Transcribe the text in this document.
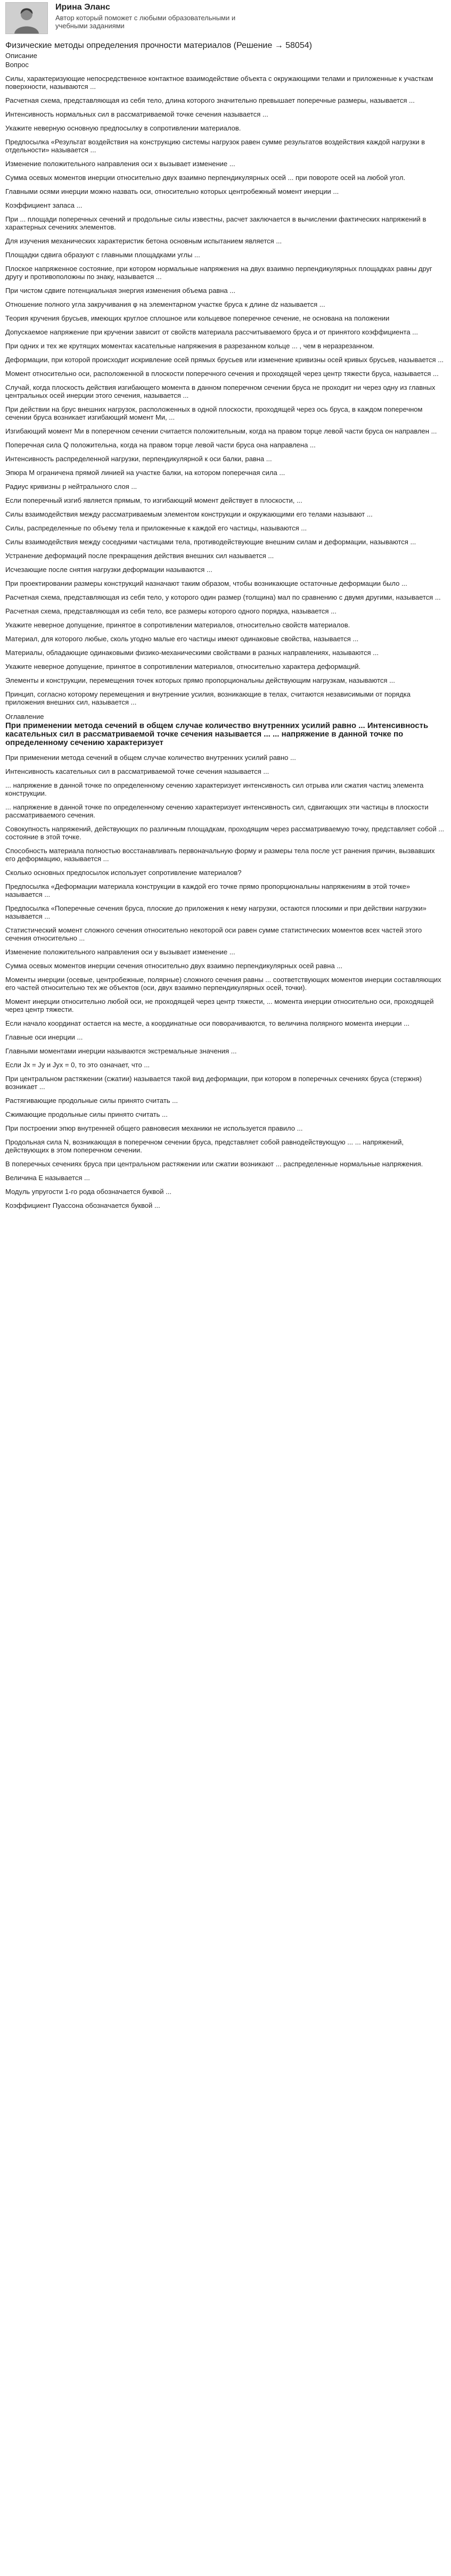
Ирина Эланс
Автор который поможет с любыми образовательными и учебными заданиями
Физические методы определения прочности материалов (Решение → 58054)
Описание
Вопрос

Силы, характеризующие непосредственное контактное взаимодействие объекта с окружающими телами и приложенные к участкам поверхности, называются ...

Расчетная схема, представляющая из себя тело, длина которого значительно превышает поперечные размеры, называется ...

Интенсивность нормальных сил в рассматриваемой точке сечения называется ...

Укажите неверную основную предпосылку в сопротивлении материалов.

Предпосылка «Результат воздействия на конструкцию системы нагрузок равен сумме результатов воздействия каждой нагрузки в отдельности» называется ...

Изменение положительного направления оси х вызывает изменение ...

Сумма осевых моментов инерции относительно двух взаимно перпендикулярных осей ... при повороте осей на любой угол.

Главными осями инерции можно назвать оси, относительно которых центробежный момент инерции ...

Коэффициент запаса ...

При ... площади поперечных сечений и продольные силы известны, расчет заключается в вычислении фактических напряжений в характерных сечениях элементов.

Для изучения механических характеристик бетона основным испытанием является ...

Площадки сдвига образуют с главными площадками углы ...

Плоское напряженное состояние, при котором нормальные напряжения на двух взаимно перпендикулярных площадках равны друг другу и противоположны по знаку, называется ...

При чистом сдвиге потенциальная энергия изменения объема равна ...

Отношение полного угла закручивания φ на элементарном участке бруса к длине dz называется ...

Теория кручения брусьев, имеющих круглое сплошное или кольцевое поперечное сечение, не основана на положении

Допускаемое напряжение при кручении зависит от свойств материала рассчитываемого бруса и от принятого коэффициента ...

При одних и тех же крутящих моментах касательные напряжения в разрезанном кольце ... , чем в неразрезанном.

Деформации, при которой происходит искривление осей прямых брусьев или изменение кривизны осей кривых брусьев, называется ...

Момент относительно оси, расположенной в плоскости поперечного сечения и проходящей через центр тяжести бруса, называется ...

Случай, когда плоскость действия изгибающего момента в данном поперечном сечении бруса не проходит ни через одну из главных центральных осей инерции этого сечения, называется ...

При действии на брус внешних нагрузок, расположенных в одной плоскости, проходящей через ось бруса, в каждом поперечном сечении бруса возникает изгибающий момент Ми, ...

Изгибающий момент Ми в поперечном сечении считается положительным, когда на правом торце левой части бруса он направлен ...

Поперечная сила Q положительна, когда на правом торце левой части бруса она направлена ...

Интенсивность распределенной нагрузки, перпендикулярной к оси балки, равна ...

Эпюра М ограничена прямой линией на участке балки, на котором поперечная сила ...

Радиус кривизны р нейтрального слоя ...

Если поперечный изгиб является прямым, то изгибающий момент действует в плоскости, ...

Силы взаимодействия между рассматриваемым элементом конструкции и окружающими его телами называют ...

Силы, распределенные по объему тела и приложенные к каждой его частицы, называются ...

Силы взаимодействия между соседними частицами тела, противодействующие внешним силам и деформации, называются ...

Устранение деформаций после прекращения действия внешних сил называется ...

Исчезающие после снятия нагрузки деформации называются ...

При проектировании размеры конструкций назначают таким образом, чтобы возникающие остаточные деформации было ...

Расчетная схема, представляющая из себя тело, у которого один размер (толщина) мал по сравнению с двумя другими, называется ...

Расчетная схема, представляющая из себя тело, все размеры которого одного порядка, называется ...

Укажите неверное допущение, принятое в сопротивлении материалов, относительно свойств материалов.

Материал, для которого любые, сколь угодно малые его частицы имеют одинаковые свойства, называется ...

Материалы, обладающие одинаковыми физико-механическими свойствами в разных направлениях, называются ...

Укажите неверное допущение, принятое в сопротивлении материалов, относительно характера деформаций.

Элементы и конструкции, перемещения точек которых прямо пропорциональны действующим нагрузкам, называются ...

Принцип, согласно которому перемещения и внутренние усилия, возникающие в телах, считаются независимыми от порядка приложения внешних сил, называется ...

Оглавление
При применении метода сечений в общем случае количество внутренних усилий равно ... Интенсивность касательных сил в рассматриваемой точке сечения называется ... ... напряжение в данной точке по определенному сечению характеризует

При применении метода сечений в общем случае количество внутренних усилий равно ...

Интенсивность касательных сил в рассматриваемой точке сечения называется ...

... напряжение в данной точке по определенному сечению характеризует интенсивность сил отрыва или сжатия частиц элемента конструкции.

... напряжение в данной точке по определенному сечению характеризует интенсивность сил, сдвигающих эти частицы в плоскости рассматриваемого сечения.

Совокупность напряжений, действующих по различным площадкам, проходящим через рассматриваемую точку, представляет собой ... состояние в этой точке.

Способность материала полностью восстанавливать первоначальную форму и размеры тела после уст ранения причин, вызвавших его деформацию, называется ...

Сколько основных предпосылок использует сопротивление материалов?

Предпосылка «Деформации материала конструкции в каждой его точке прямо пропорциональны напряжениям в этой точке» называется ...

Предпосылка «Поперечные сечения бруса, плоские до приложения к нему нагрузки, остаются плоскими и при действии нагрузки» называется ...

Статистический момент сложного сечения относительно некоторой оси равен сумме статистических моментов всех частей этого сечения относительно ...

Изменение положительного направления оси у вызывает изменение ...

Сумма осевых моментов инерции сечения относительно двух взаимно перпендикулярных осей равна ...

Моменты инерции (осевые, центробежные, полярные) сложного сечения равны ... соответствующих моментов инерции составляющих его частей относительно тех же объектов (оси, двух взаимно перпендикулярных осей, точки).

Момент инерции относительно любой оси, не проходящей через центр тяжести, ... момента инерции относительно оси, проходящей через центр тяжести.

Если начало координат остается на месте, а координатные оси поворачиваются, то величина полярного момента инерции ...

Главные оси инерции ...

Главными моментами инерции называются экстремальные значения ...

Если Jx = Jy и Jyx = 0, то это означает, что ...

При центральном растяжении (сжатии) называется такой вид деформации, при котором в поперечных сечениях бруса (стержня) возникает ...

Растягивающие продольные силы принято считать ...

Сжимающие продольные силы принято считать ...

При построении эпюр внутренней общего равновесия механики не используется правило ...

Продольная сила N, возникающая в поперечном сечении бруса, представляет собой равнодействующую ... ... напряжений, действующих в этом поперечном сечении.

В поперечных сечениях бруса при центральном растяжении или сжатии возникают ... распределенные нормальные напряжения.

Величина Е называется ...

Модуль упругости 1-го рода обозначается буквой ...

Коэффициент Пуассона обозначается буквой ...
